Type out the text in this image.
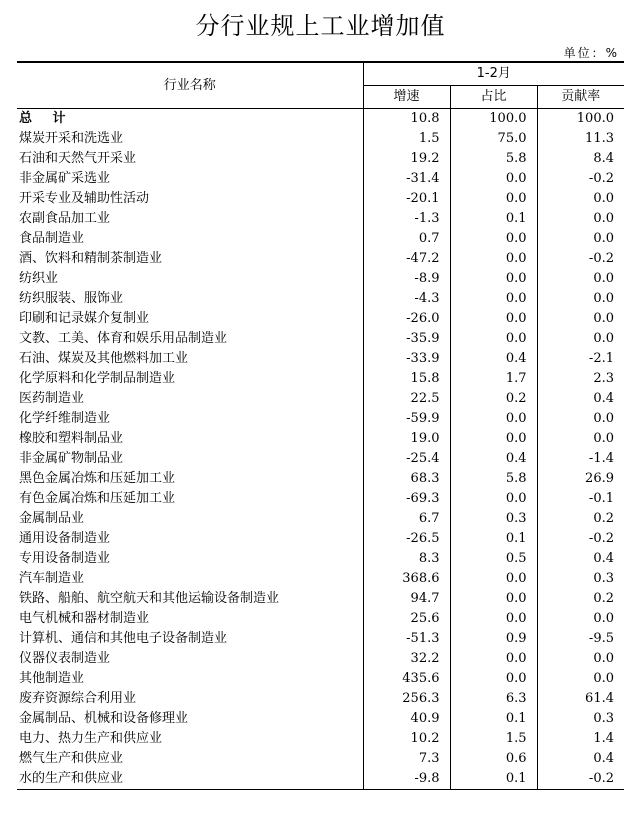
分行业规上工业增加值
单位：%
行业名称	1-2月		
	增速	占比	贡献率
总 计	10.8	100.0	100.0
煤炭开采和洗选业	1.5	75.0	11.3
石油和天然气开采业	19.2	5.8	8.4
非金属矿采选业	-31.4	0.0	-0.2
开采专业及辅助性活动	-20.1	0.0	0.0
农副食品加工业	-1.3	0.1	0.0
食品制造业	0.7	0.0	0.0
酒、饮料和精制茶制造业	-47.2	0.0	-0.2
纺织业	-8.9	0.0	0.0
纺织服装、服饰业	-4.3	0.0	0.0
印刷和记录媒介复制业	-26.0	0.0	0.0
文教、工美、体育和娱乐用品制造业	-35.9	0.0	0.0
石油、煤炭及其他燃料加工业	-33.9	0.4	-2.1
化学原料和化学制品制造业	15.8	1.7	2.3
医药制造业	22.5	0.2	0.4
化学纤维制造业	-59.9	0.0	0.0
橡胶和塑料制品业	19.0	0.0	0.0
非金属矿物制品业	-25.4	0.4	-1.4
黑色金属冶炼和压延加工业	68.3	5.8	26.9
有色金属冶炼和压延加工业	-69.3	0.0	-0.1
金属制品业	6.7	0.3	0.2
通用设备制造业	-26.5	0.1	-0.2
专用设备制造业	8.3	0.5	0.4
汽车制造业	368.6	0.0	0.3
铁路、船舶、航空航天和其他运输设备制造业	94.7	0.0	0.2
电气机械和器材制造业	25.6	0.0	0.0
计算机、通信和其他电子设备制造业	-51.3	0.9	-9.5
仪器仪表制造业	32.2	0.0	0.0
其他制造业	435.6	0.0	0.0
废弃资源综合利用业	256.3	6.3	61.4
金属制品、机械和设备修理业	40.9	0.1	0.3
电力、热力生产和供应业	10.2	1.5	1.4
燃气生产和供应业	7.3	0.6	0.4
水的生产和供应业	-9.8	0.1	-0.2
